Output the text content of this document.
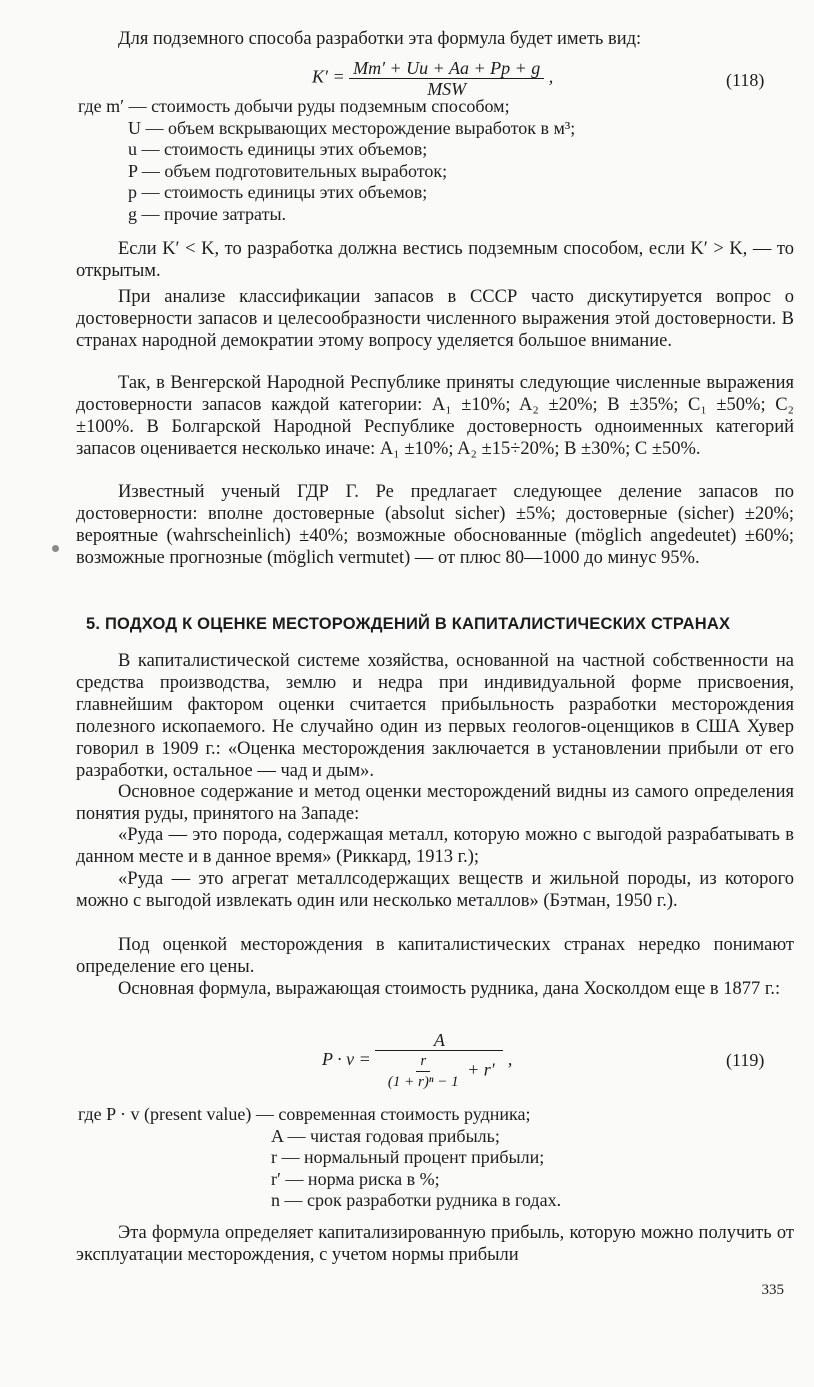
Для подземного способа разработки эта формула будет иметь вид:
$K' = \frac{Mm' + Uu + Aa + Pp + g}{\text{MSW}}$ ,	(118)
где m′ — стоимость добычи руды подземным способом;
U — объем вскрывающих месторождение выработок в м³;
u — стоимость единицы этих объемов;
P — объем подготовительных выработок;
p — стоимость единицы этих объемов;
g — прочие затраты.
Если K′ < K, то разработка должна вестись подземным способом, если K′ > K, — то открытым.
При анализе классификации запасов в СССР часто дискутируется вопрос о достоверности запасов и целесообразности численного выражения этой достоверности. В странах народной демократии этому вопросу уделяется большое внимание.
Так, в Венгерской Народной Республике приняты следующие численные выражения достоверности запасов каждой категории: A₁ ±10%; A₂ ±20%; B ±35%; C₁ ±50%; C₂ ±100%. В Болгарской Народной Республике достоверность одноименных категорий запасов оценивается несколько иначе: A₁ ±10%; A₂ ±15÷20%; B ±30%; C ±50%.
Известный ученый ГДР Г. Ре предлагает следующее деление запасов по достоверности: вполне достоверные (absolut sicher) ±5%; достоверные (sicher) ±20%; вероятные (wahrscheinlich) ±40%; возможные обоснованные (möglich angedeutet) ±60%; возможные прогнозные (möglich vermutet) — от плюс 80—1000 до минус 95%.
5. ПОДХОД К ОЦЕНКЕ МЕСТОРОЖДЕНИЙ В КАПИТАЛИСТИЧЕСКИХ СТРАНАХ
В капиталистической системе хозяйства, основанной на частной собственности на средства производства, землю и недра при индивидуальной форме присвоения, главнейшим фактором оценки считается прибыльность разработки месторождения полезного ископаемого. Не случайно один из первых геологов-оценщиков в США Хувер говорил в 1909 г.: «Оценка месторождения заключается в установлении прибыли от его разработки, остальное — чад и дым».
Основное содержание и метод оценки месторождений видны из самого определения понятия руды, принятого на Западе:
«Руда — это порода, содержащая металл, которую можно с выгодой разрабатывать в данном месте и в данное время» (Риккард, 1913 г.);
«Руда — это агрегат металлсодержащих веществ и жильной породы, из которого можно с выгодой извлекать один или несколько металлов» (Бэтман, 1950 г.).
Под оценкой месторождения в капиталистических странах нередко понимают определение его цены.
Основная формула, выражающая стоимость рудника, дана Хосколдом еще в 1877 г.:
$P \cdot v = \frac{A}{\frac{r}{\text{(1 + r)ⁿ − 1}} + r'}$ ,	(119)
где P · v (present value) — современная стоимость рудника;
A — чистая годовая прибыль;
r — нормальный процент прибыли;
r′ — норма риска в %;
n — срок разработки рудника в годах.
Эта формула определяет капитализированную прибыль, которую можно получить от эксплуатации месторождения, с учетом нормы прибыли
335
